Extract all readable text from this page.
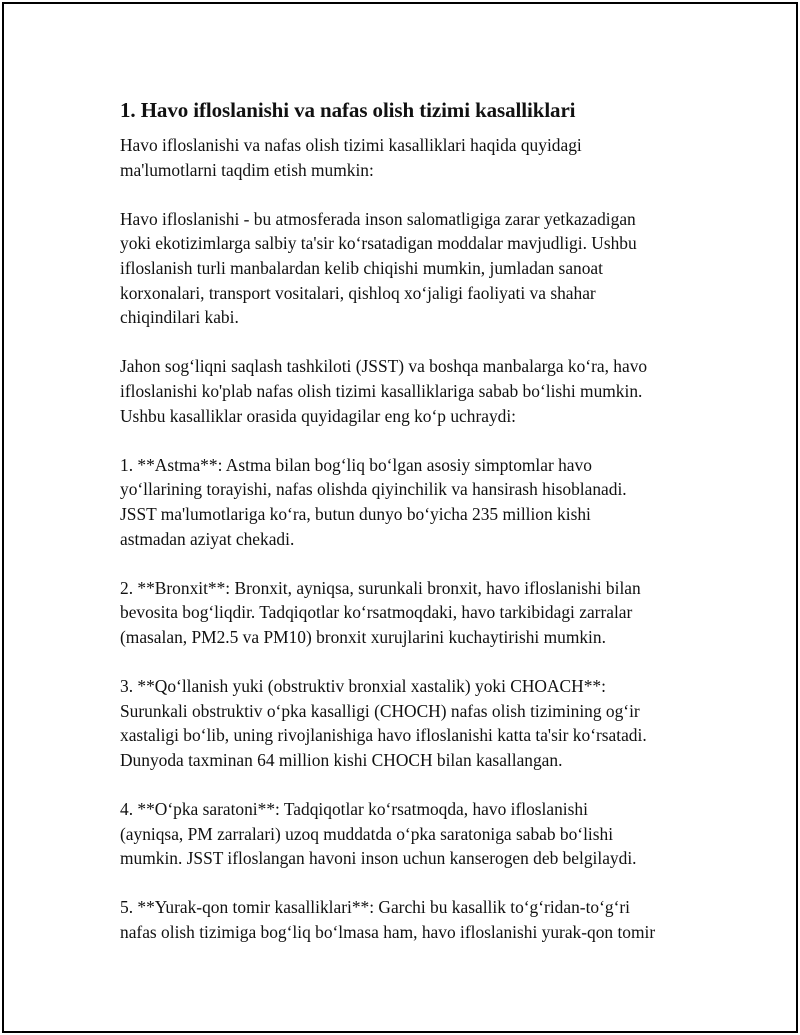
1. Havo ifloslanishi va nafas olish tizimi kasalliklari

Havo ifloslanishi va nafas olish tizimi kasalliklari haqida quyidagi
ma'lumotlarni taqdim etish mumkin:

Havo ifloslanishi - bu atmosferada inson salomatligiga zarar yetkazadigan
yoki ekotizimlarga salbiy ta'sir ko‘rsatadigan moddalar mavjudligi. Ushbu
ifloslanish turli manbalardan kelib chiqishi mumkin, jumladan sanoat
korxonalari, transport vositalari, qishloq xo‘jaligi faoliyati va shahar
chiqindilari kabi.

Jahon sog‘liqni saqlash tashkiloti (JSST) va boshqa manbalarga ko‘ra, havo
ifloslanishi ko'plab nafas olish tizimi kasalliklariga sabab bo‘lishi mumkin.
Ushbu kasalliklar orasida quyidagilar eng ko‘p uchraydi:

1. **Astma**: Astma bilan bog‘liq bo‘lgan asosiy simptomlar havo
yo‘llarining torayishi, nafas olishda qiyinchilik va hansirash hisoblanadi.
JSST ma'lumotlariga ko‘ra, butun dunyo bo‘yicha 235 million kishi
astmadan aziyat chekadi.

2. **Bronxit**: Bronxit, ayniqsa, surunkali bronxit, havo ifloslanishi bilan
bevosita bog‘liqdir. Tadqiqotlar ko‘rsatmoqdaki, havo tarkibidagi zarralar
(masalan, PM2.5 va PM10) bronxit xurujlarini kuchaytirishi mumkin.

3. **Qo‘llanish yuki (obstruktiv bronxial xastalik) yoki CHOACH**:
Surunkali obstruktiv o‘pka kasalligi (CHOCH) nafas olish tizimining og‘ir
xastaligi bo‘lib, uning rivojlanishiga havo ifloslanishi katta ta'sir ko‘rsatadi.
Dunyoda taxminan 64 million kishi CHOCH bilan kasallangan.

4. **O‘pka saratoni**: Tadqiqotlar ko‘rsatmoqda, havo ifloslanishi
(ayniqsa, PM zarralari) uzoq muddatda o‘pka saratoniga sabab bo‘lishi
mumkin. JSST ifloslangan havoni inson uchun kanserogen deb belgilaydi.

5. **Yurak-qon tomir kasalliklari**: Garchi bu kasallik to‘g‘ridan-to‘g‘ri
nafas olish tizimiga bog‘liq bo‘lmasa ham, havo ifloslanishi yurak-qon tomir
